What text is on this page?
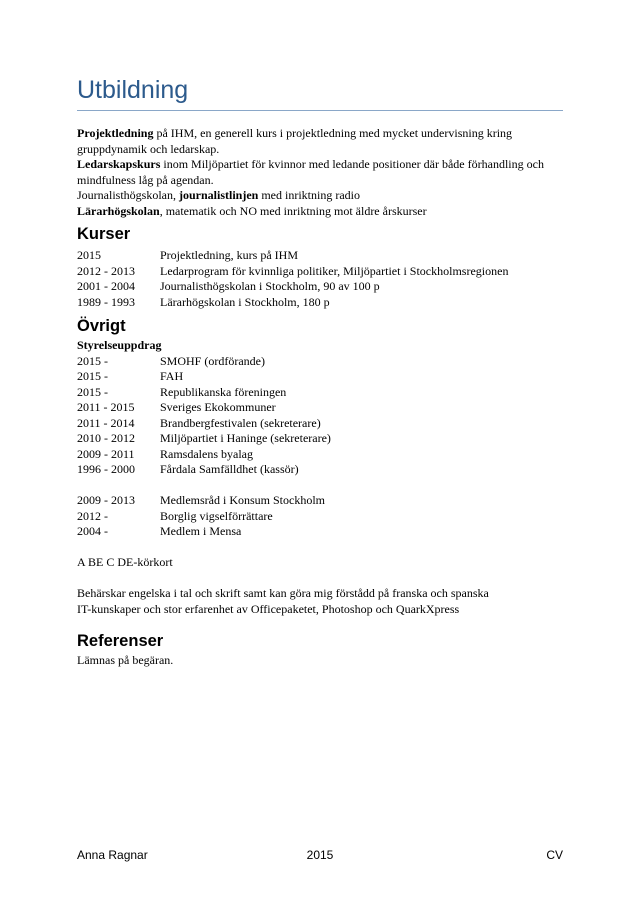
Utbildning

Projektledning på IHM, en generell kurs i projektledning med mycket undervisning kring gruppdynamik och ledarskap.

Ledarskapskurs inom Miljöpartiet för kvinnor med ledande positioner där både förhandling och mindfulness låg på agendan.

Journalisthögskolan, journalistlinjen med inriktning radio

Lärarhögskolan, matematik och NO med inriktning mot äldre årskurser

Kurser
2015	Projektledning, kurs på IHM
2012 - 2013	Ledarprogram för kvinnliga politiker, Miljöpartiet i Stockholmsregionen
2001 - 2004	Journalisthögskolan i Stockholm, 90 av 100 p
1989 - 1993	Lärarhögskolan i Stockholm, 180 p
Övrigt

Styrelseuppdrag

2015 -	SMOHF (ordförande)
2015 -	FAH
2015 -	Republikanska föreningen
2011 - 2015	Sveriges Ekokommuner
2011 - 2014	Brandbergfestivalen (sekreterare)
2010 - 2012	Miljöpartiet i Haninge (sekreterare)
2009 - 2011	Ramsdalens byalag
1996 - 2000	Fårdala Samfälldhet (kassör)
2009 - 2013	Medlemsråd i Konsum Stockholm
2012 -	Borglig vigselförrättare
2004 -	Medlem i Mensa

A BE C DE-körkort

Behärskar engelska i tal och skrift samt kan göra mig förstådd på franska och spanska

IT-kunskaper och stor erfarenhet av Officepaketet, Photoshop och QuarkXpress

Referenser

Lämnas på begäran.

Anna Ragnar	2015	CV
